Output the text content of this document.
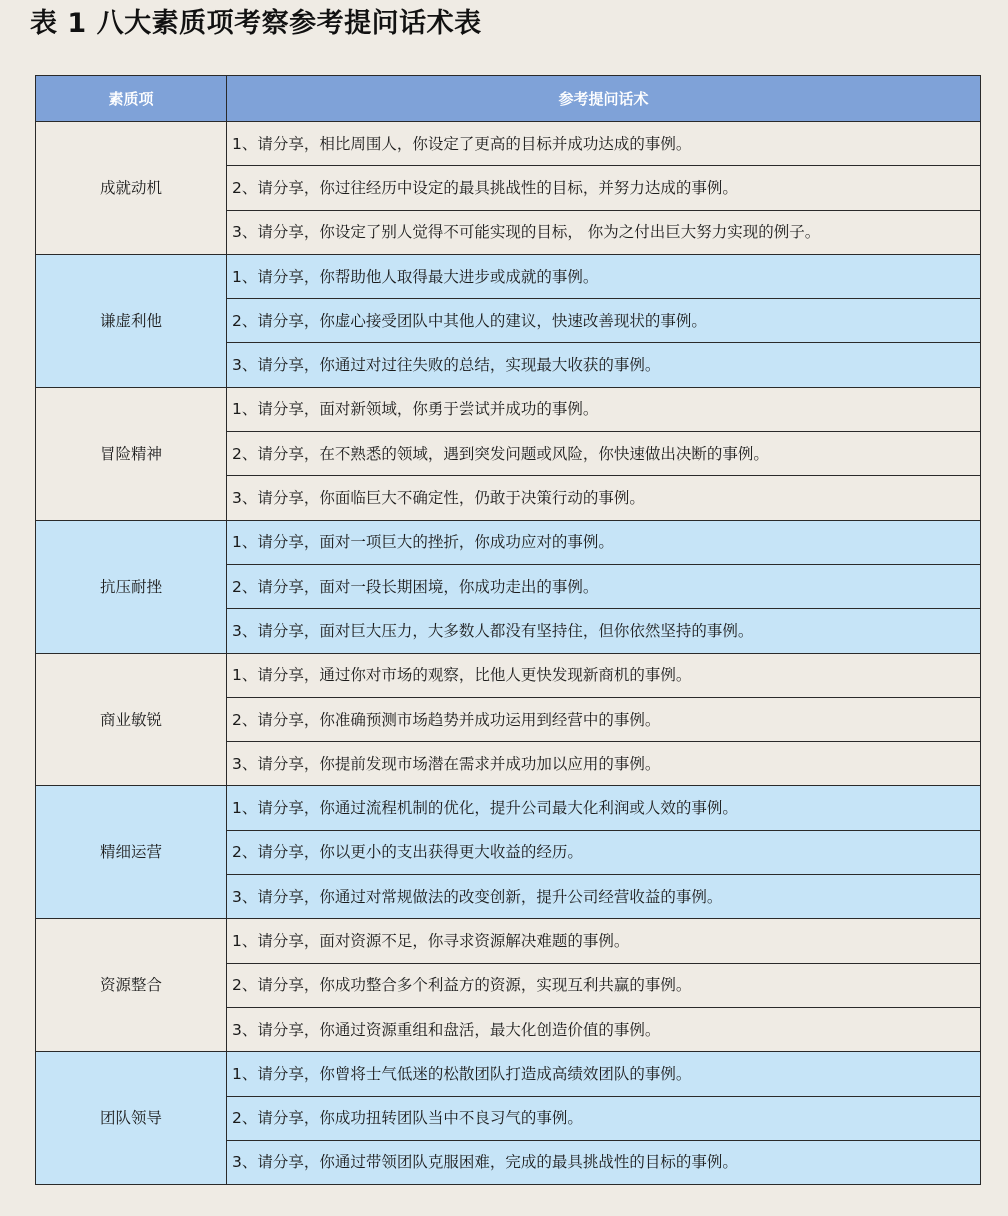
表 1 八大素质项考察参考提问话术表
素质项	参考提问话术
成就动机	1、请分享，相比周围人，你设定了更高的目标并成功达成的事例。
	2、请分享，你过往经历中设定的最具挑战性的目标，并努力达成的事例。
	3、请分享，你设定了别人觉得不可能实现的目标， 你为之付出巨大努力实现的例子。
谦虚利他	1、请分享，你帮助他人取得最大进步或成就的事例。
	2、请分享，你虚心接受团队中其他人的建议，快速改善现状的事例。
	3、请分享，你通过对过往失败的总结，实现最大收获的事例。
冒险精神	1、请分享，面对新领域，你勇于尝试并成功的事例。
	2、请分享，在不熟悉的领域，遇到突发问题或风险，你快速做出决断的事例。
	3、请分享，你面临巨大不确定性，仍敢于决策行动的事例。
抗压耐挫	1、请分享，面对一项巨大的挫折，你成功应对的事例。
	2、请分享，面对一段长期困境，你成功走出的事例。
	3、请分享，面对巨大压力，大多数人都没有坚持住，但你依然坚持的事例。
商业敏锐	1、请分享，通过你对市场的观察，比他人更快发现新商机的事例。
	2、请分享，你准确预测市场趋势并成功运用到经营中的事例。
	3、请分享，你提前发现市场潜在需求并成功加以应用的事例。
精细运营	1、请分享，你通过流程机制的优化，提升公司最大化利润或人效的事例。
	2、请分享，你以更小的支出获得更大收益的经历。
	3、请分享，你通过对常规做法的改变创新，提升公司经营收益的事例。
资源整合	1、请分享，面对资源不足，你寻求资源解决难题的事例。
	2、请分享，你成功整合多个利益方的资源，实现互利共赢的事例。
	3、请分享，你通过资源重组和盘活，最大化创造价值的事例。
团队领导	1、请分享，你曾将士气低迷的松散团队打造成高绩效团队的事例。
	2、请分享，你成功扭转团队当中不良习气的事例。
	3、请分享，你通过带领团队克服困难，完成的最具挑战性的目标的事例。
